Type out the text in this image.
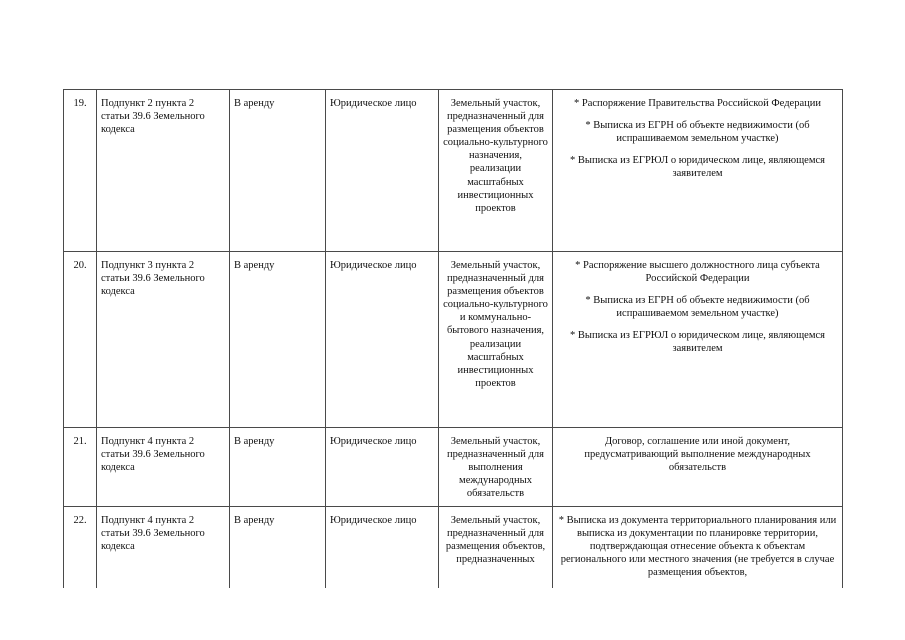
19.	Подпункт 2 пункта 2 статьи 39.6 Земельного кодекса	В аренду	Юридическое лицо	Земельный участок, предназначенный для размещения объектов социально-культурного назначения, реализации масштабных инвестиционных проектов	* Распоряжение Правительства Российской Федерации
* Выписка из ЕГРН об объекте недвижимости (об испрашиваемом земельном участке)
* Выписка из ЕГРЮЛ о юридическом лице, являющемся заявителем

20.	Подпункт 3 пункта 2 статьи 39.6 Земельного кодекса	В аренду	Юридическое лицо	Земельный участок, предназначенный для размещения объектов социально-культурного и коммунально-бытового назначения, реализации масштабных инвестиционных проектов	* Распоряжение высшего должностного лица субъекта Российской Федерации
* Выписка из ЕГРН об объекте недвижимости (об испрашиваемом земельном участке)
* Выписка из ЕГРЮЛ о юридическом лице, являющемся заявителем

21.	Подпункт 4 пункта 2 статьи 39.6 Земельного кодекса	В аренду	Юридическое лицо	Земельный участок, предназначенный для выполнения международных обязательств	Договор, соглашение или иной документ, предусматривающий выполнение международных обязательств

22.	Подпункт 4 пункта 2 статьи 39.6 Земельного кодекса	В аренду	Юридическое лицо	Земельный участок, предназначенный для размещения объектов, предназначенных	* Выписка из документа территориального планирования или выписка из документации по планировке территории, подтверждающая отнесение объекта к объектам регионального или местного значения (не требуется в случае размещения объектов,
